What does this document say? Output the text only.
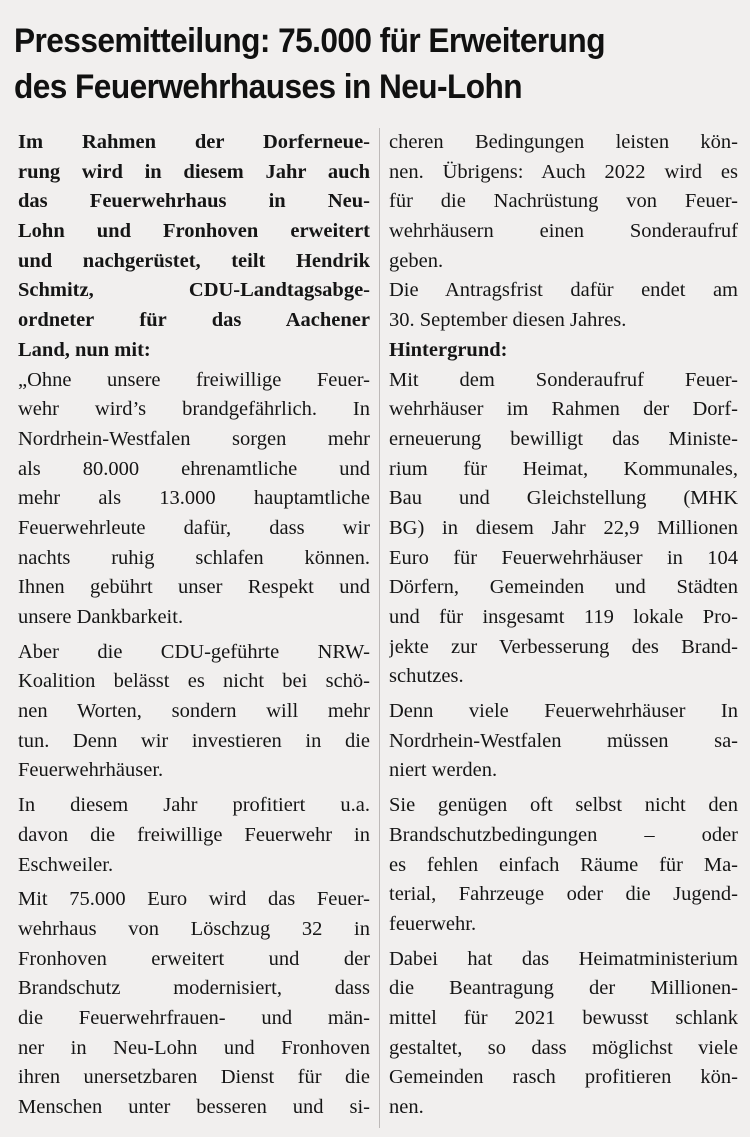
Pressemitteilung: 75.000 für Erweiterung
des Feuerwehrhauses in Neu-Lohn
Im Rahmen der Dorferneue-
rung wird in diesem Jahr auch
das Feuerwehrhaus in Neu-
Lohn und Fronhoven erweitert
und nachgerüstet, teilt Hendrik
Schmitz, CDU-Landtagsabge-
ordneter für das Aachener
Land, nun mit:
„Ohne unsere freiwillige Feuer-
wehr wird’s brandgefährlich. In
Nordrhein-Westfalen sorgen mehr
als 80.000 ehrenamtliche und
mehr als 13.000 hauptamtliche
Feuerwehrleute dafür, dass wir
nachts ruhig schlafen können.
Ihnen gebührt unser Respekt und
unsere Dankbarkeit.
Aber die CDU-geführte NRW-
Koalition belässt es nicht bei schö-
nen Worten, sondern will mehr
tun. Denn wir investieren in die
Feuerwehrhäuser.
In diesem Jahr profitiert u.a.
davon die freiwillige Feuerwehr in
Eschweiler.
Mit 75.000 Euro wird das Feuer-
wehrhaus von Löschzug 32 in
Fronhoven erweitert und der
Brandschutz modernisiert, dass
die Feuerwehrfrauen- und män-
ner in Neu-Lohn und Fronhoven
ihren unersetzbaren Dienst für die
Menschen unter besseren und si-
cheren Bedingungen leisten kön-
nen. Übrigens: Auch 2022 wird es
für die Nachrüstung von Feuer-
wehrhäusern einen Sonderaufruf
geben.
Die Antragsfrist dafür endet am
30. September diesen Jahres.
Hintergrund:
Mit dem Sonderaufruf Feuer-
wehrhäuser im Rahmen der Dorf-
erneuerung bewilligt das Ministe-
rium für Heimat, Kommunales,
Bau und Gleichstellung (MHK
BG) in diesem Jahr 22,9 Millionen
Euro für Feuerwehrhäuser in 104
Dörfern, Gemeinden und Städten
und für insgesamt 119 lokale Pro-
jekte zur Verbesserung des Brand-
schutzes.
Denn viele Feuerwehrhäuser In
Nordrhein-Westfalen müssen sa-
niert werden.
Sie genügen oft selbst nicht den
Brandschutzbedingungen – oder
es fehlen einfach Räume für Ma-
terial, Fahrzeuge oder die Jugend-
feuerwehr.
Dabei hat das Heimatministerium
die Beantragung der Millionen-
mittel für 2021 bewusst schlank
gestaltet, so dass möglichst viele
Gemeinden rasch profitieren kön-
nen.
